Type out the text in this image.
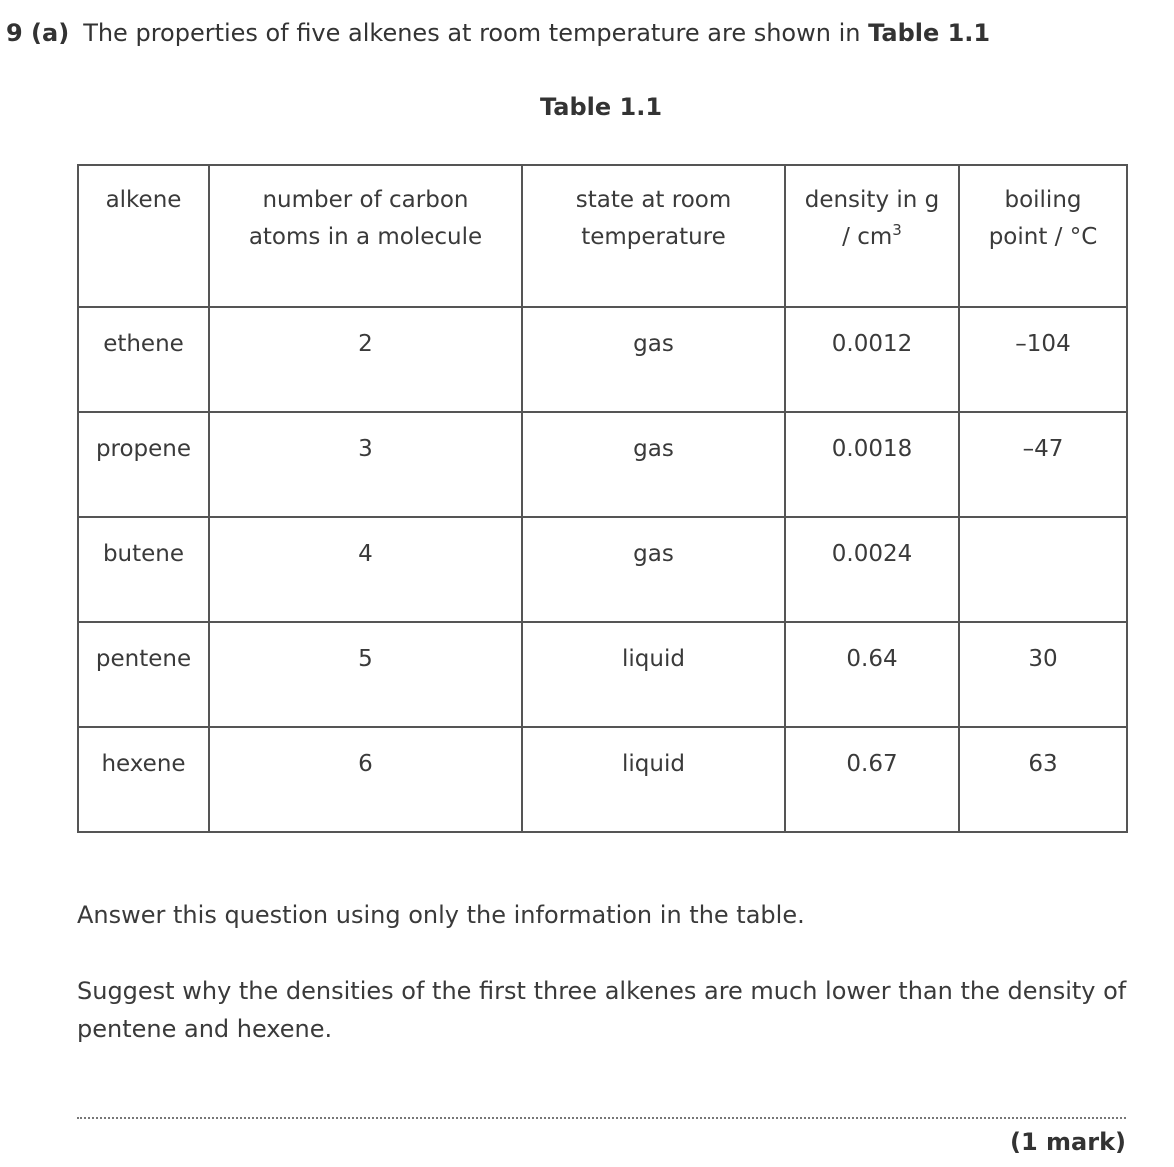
9 (a) The properties of five alkenes at room temperature are shown in Table 1.1
Table 1.1
alkene	number of carbon atoms in a molecule	state at room temperature	density in g / $cm^3$	boiling point / °C
ethene	2	gas	0.0012	–104
propene	3	gas	0.0018	–47
butene	4	gas	0.0024	
pentene	5	liquid	0.64	30
hexene	6	liquid	0.67	63
Answer this question using only the information in the table.
Suggest why the densities of the first three alkenes are much lower than the density of pentene and hexene.
(1 mark)
